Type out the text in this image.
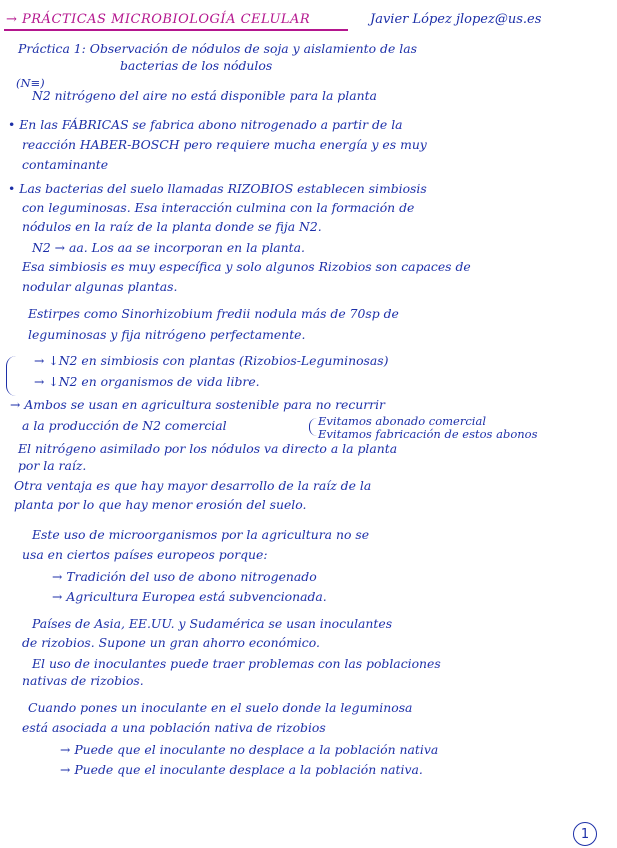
→ PRÁCTICAS MICROBIOLOGÍA CELULAR	Javier López jlopez@us.es
Práctica 1: Observación de nódulos de soja y aislamiento de las
bacterias de los nódulos
(N≡)
N2 nitrógeno del aire no está disponible para la planta
• En las FÁBRICAS se fabrica abono nitrogenado a partir de la
reacción HABER-BOSCH pero requiere mucha energía y es muy
contaminante
• Las bacterias del suelo llamadas RIZOBIOS establecen simbiosis
con leguminosas. Esa interacción culmina con la formación de
nódulos en la raíz de la planta donde se fija N2.
N2 → aa. Los aa se incorporan en la planta.
Esa simbiosis es muy específica y solo algunos Rizobios son capaces de
nodular algunas plantas.
Estirpes como Sinorhizobium fredii nodula más de 70sp de
leguminosas y fija nitrógeno perfectamente.
→ ↓N2 en simbiosis con plantas (Rizobios-Leguminosas)
→ ↓N2 en organismos de vida libre.
→ Ambos se usan en agricultura sostenible para no recurrir
a la producción de N2 comercial	Evitamos abonado comercial
Evitamos fabricación de estos abonos
El nitrógeno asimilado por los nódulos va directo a la planta
por la raíz.
Otra ventaja es que hay mayor desarrollo de la raíz de la
planta por lo que hay menor erosión del suelo.
Este uso de microorganismos por la agricultura no se
usa en ciertos países europeos porque:
→ Tradición del uso de abono nitrogenado
→ Agricultura Europea está subvencionada.
Países de Asia, EE.UU. y Sudamérica se usan inoculantes
de rizobios. Supone un gran ahorro económico.
El uso de inoculantes puede traer problemas con las poblaciones
nativas de rizobios.
Cuando pones un inoculante en el suelo donde la leguminosa
está asociada a una población nativa de rizobios
→ Puede que el inoculante no desplace a la población nativa
→ Puede que el inoculante desplace a la población nativa.
1
